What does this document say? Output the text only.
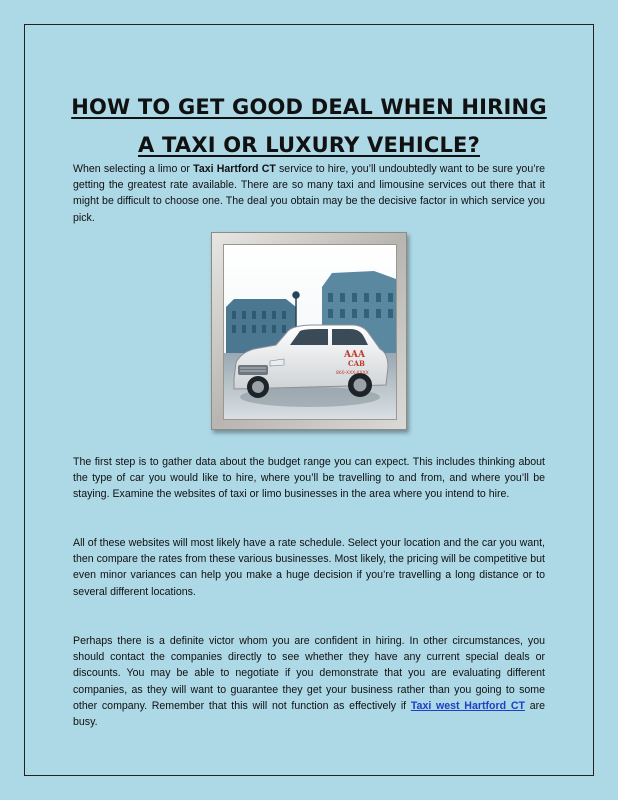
HOW TO GET GOOD DEAL WHEN HIRING
A TAXI OR LUXURY VEHICLE?

When selecting a limo or Taxi Hartford CT service to hire, you’ll undoubtedly want to be sure you’re getting the greatest rate available. There are so many taxi and limousine services out there that it might be difficult to choose one. The deal you obtain may be the decisive factor in which service you pick.

AAA
CAB
860-XXX-XXXX

The first step is to gather data about the budget range you can expect. This includes thinking about the type of car you would like to hire, where you’ll be travelling to and from, and where you’ll be staying. Examine the websites of taxi or limo businesses in the area where you intend to hire.

All of these websites will most likely have a rate schedule. Select your location and the car you want, then compare the rates from these various businesses. Most likely, the pricing will be competitive but even minor variances can help you make a huge decision if you’re travelling a long distance or to several different locations.

Perhaps there is a definite victor whom you are confident in hiring. In other circumstances, you should contact the companies directly to see whether they have any current special deals or discounts. You may be able to negotiate if you demonstrate that you are evaluating different companies, as they will want to guarantee they get your business rather than you going to some other company. Remember that this will not function as effectively if Taxi west Hartford CT are busy.
